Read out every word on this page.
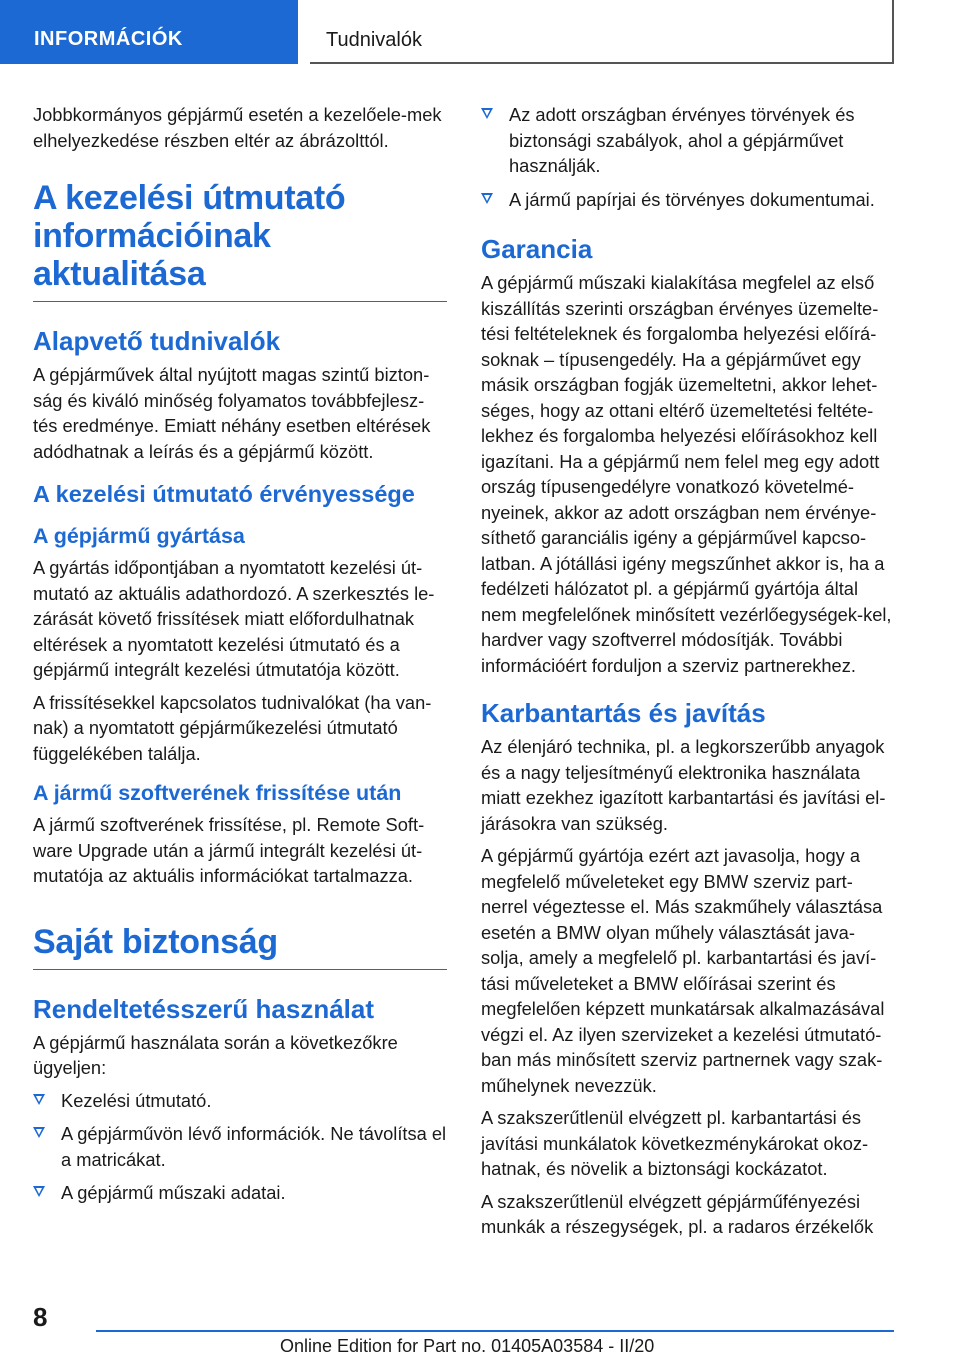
INFORMÁCIÓK	Tudnivalók

Jobbkormányos gépjármű esetén a kezelőele‐mek elhelyezkedése részben eltér az ábrázolttól.

A kezelési útmutató információinak aktualitása
Alapvető tudnivalók

A gépjárművek által nyújtott magas szintű bizton‐ság és kiváló minőség folyamatos továbbfejlesz‐tés eredménye. Emiatt néhány esetben eltérések adódhatnak a leírás és a gépjármű között.

A kezelési útmutató érvényessége
A gépjármű gyártása

A gyártás időpontjában a nyomtatott kezelési út‐mutató az aktuális adathordozó. A szerkesztés le‐zárását követő frissítések miatt előfordulhatnak eltérések a nyomtatott kezelési útmutató és a gépjármű integrált kezelési útmutatója között.

A frissítésekkel kapcsolatos tudnivalókat (ha van‐nak) a nyomtatott gépjárműkezelési útmutató függelékében találja.

A jármű szoftverének frissítése után

A jármű szoftverének frissítése, pl. Remote Soft‐ware Upgrade után a jármű integrált kezelési út‐mutatója az aktuális információkat tartalmazza.

Saját biztonság
Rendeltetésszerű használat

A gépjármű használata során a következőkre ügyeljen:

Kezelési útmutató.
A gépjárművön lévő információk. Ne távolítsa el a matricákat.
A gépjármű műszaki adatai.
Az adott országban érvényes törvények és biztonsági szabályok, ahol a gépjárművet használják.
A jármű papírjai és törvényes dokumentumai.
Garancia

A gépjármű műszaki kialakítása megfelel az első kiszállítás szerinti országban érvényes üzemelte‐tési feltételeknek és forgalomba helyezési előírá‐soknak – típusengedély. Ha a gépjárművet egy másik országban fogják üzemeltetni, akkor lehet‐séges, hogy az ottani eltérő üzemeltetési feltéte‐lekhez és forgalomba helyezési előírásokhoz kell igazítani. Ha a gépjármű nem felel meg egy adott ország típusengedélyre vonatkozó követelmé‐nyeinek, akkor az adott országban nem érvénye‐síthető garanciális igény a gépjárművel kapcso‐latban. A jótállási igény megszűnhet akkor is, ha a fedélzeti hálózatot pl. a gépjármű gyártója által nem megfelelőnek minősített vezérlőegységek‐kel, hardver vagy szoftverrel módosítják. További információért forduljon a szerviz partnerekhez.

Karbantartás és javítás

Az élenjáró technika, pl. a legkorszerűbb anyagok és a nagy teljesítményű elektronika használata miatt ezekhez igazított karbantartási és javítási el‐járásokra van szükség.

A gépjármű gyártója ezért azt javasolja, hogy a megfelelő műveleteket egy BMW szerviz part‐nerrel végeztesse el. Más szakműhely választása esetén a BMW olyan műhely választását java‐solja, amely a megfelelő pl. karbantartási és javí‐tási műveleteket a BMW előírásai szerint és megfelelően képzett munkatársak alkalmazásával végzi el. Az ilyen szervizeket a kezelési útmutató‐ban más minősített szerviz partnernek vagy szak‐műhelynek nevezzük.

A szakszerűtlenül elvégzett pl. karbantartási és javítási munkálatok következménykárokat okoz‐hatnak, és növelik a biztonsági kockázatot.

A szakszerűtlenül elvégzett gépjárműfényezési munkák a részegységek, pl. a radaros érzékelők

8
Online Edition for Part no. 01405A03584 - II/20
